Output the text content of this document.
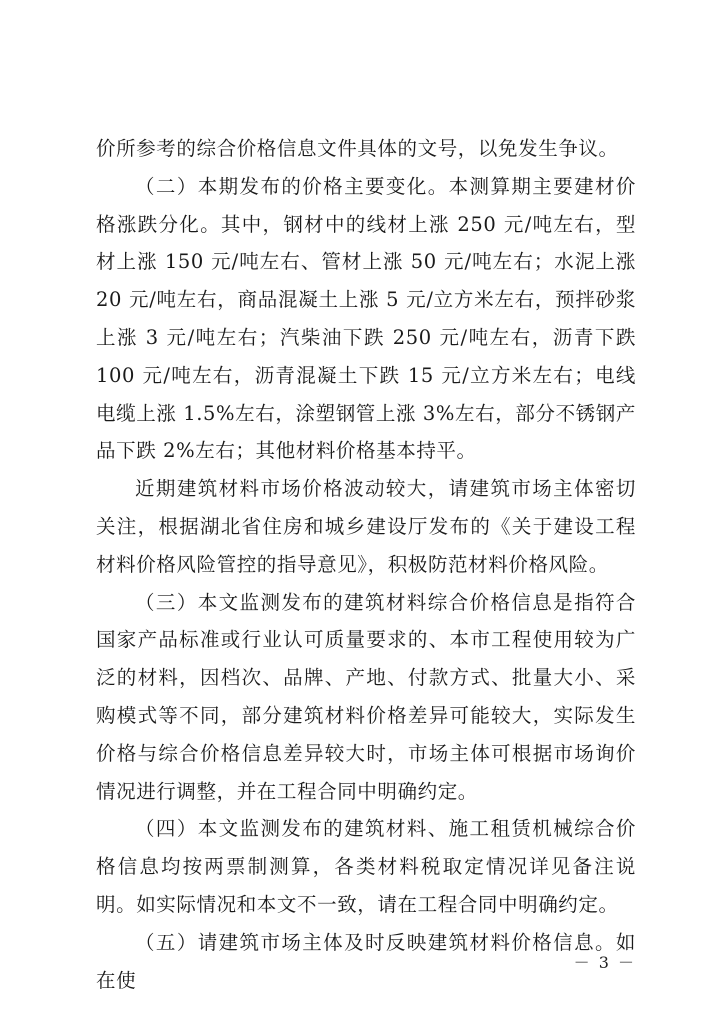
价所参考的综合价格信息文件具体的文号，以免发生争议。

（二）本期发布的价格主要变化。本测算期主要建材价格涨跌分化。其中，钢材中的线材上涨 250 元/吨左右，型材上涨 150 元/吨左右、管材上涨 50 元/吨左右；水泥上涨 20 元/吨左右，商品混凝土上涨 5 元/立方米左右，预拌砂浆上涨 3 元/吨左右；汽柴油下跌 250 元/吨左右，沥青下跌 100 元/吨左右，沥青混凝土下跌 15 元/立方米左右；电线电缆上涨 1.5%左右，涂塑钢管上涨 3%左右，部分不锈钢产品下跌 2%左右；其他材料价格基本持平。

近期建筑材料市场价格波动较大，请建筑市场主体密切关注，根据湖北省住房和城乡建设厅发布的《关于建设工程材料价格风险管控的指导意见》，积极防范材料价格风险。

（三）本文监测发布的建筑材料综合价格信息是指符合国家产品标准或行业认可质量要求的、本市工程使用较为广泛的材料，因档次、品牌、产地、付款方式、批量大小、采购模式等不同，部分建筑材料价格差异可能较大，实际发生价格与综合价格信息差异较大时，市场主体可根据市场询价情况进行调整，并在工程合同中明确约定。

（四）本文监测发布的建筑材料、施工租赁机械综合价格信息均按两票制测算，各类材料税取定情况详见备注说明。如实际情况和本文不一致，请在工程合同中明确约定。

（五）请建筑市场主体及时反映建筑材料价格信息。如在使

－ 3 －
